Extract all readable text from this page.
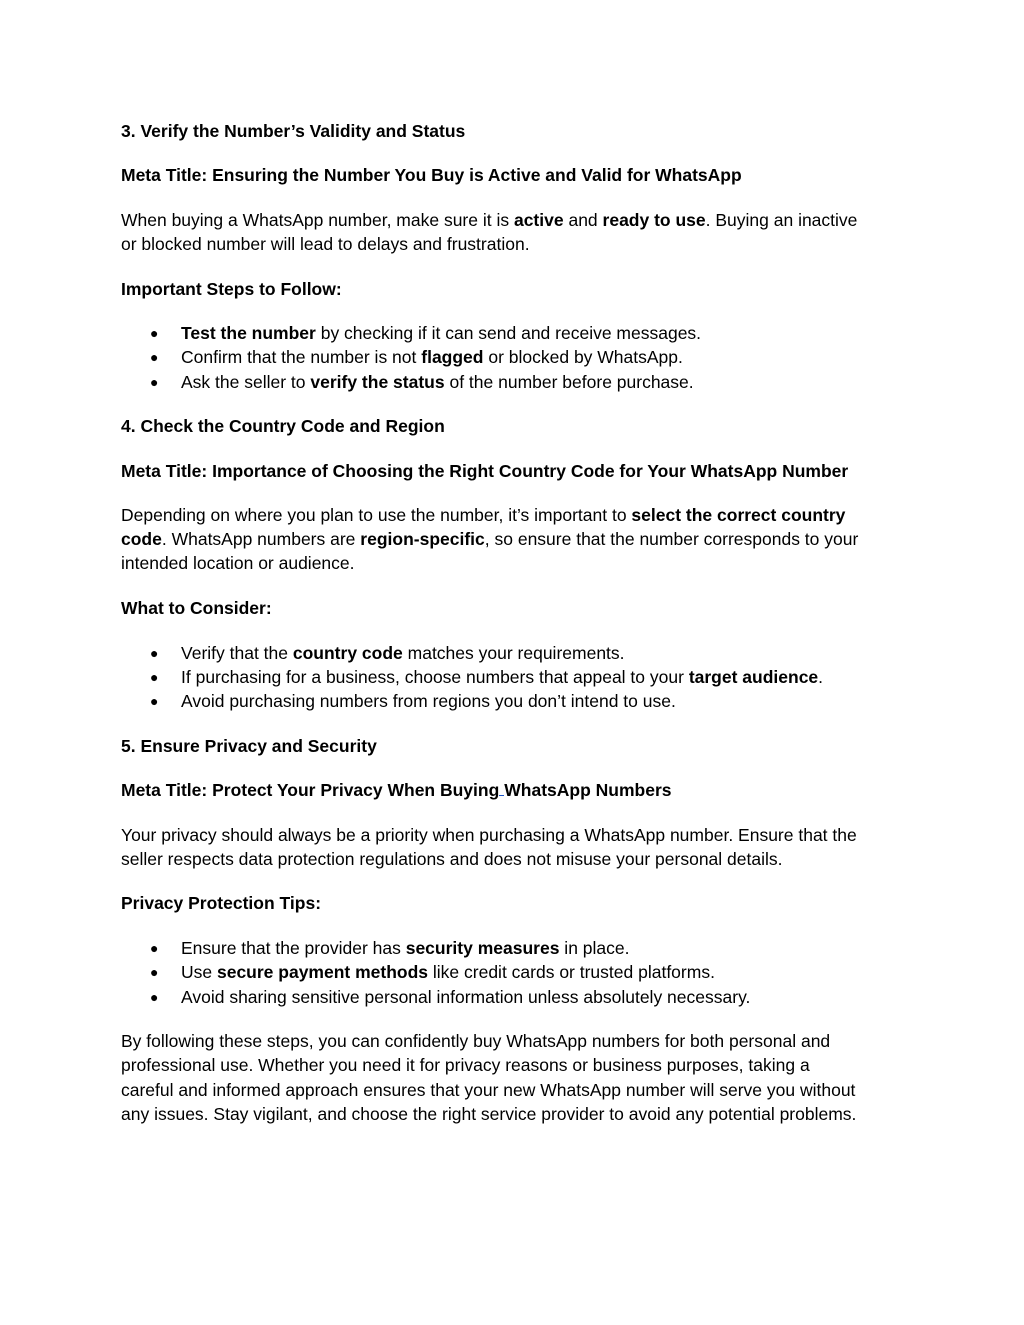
3. Verify the Number’s Validity and Status
Meta Title: Ensuring the Number You Buy is Active and Valid for WhatsApp
When buying a WhatsApp number, make sure it is active and ready to use. Buying an inactive
or blocked number will lead to delays and frustration.
Important Steps to Follow:
● Test the number by checking if it can send and receive messages.
● Confirm that the number is not flagged or blocked by WhatsApp.
● Ask the seller to verify the status of the number before purchase.
4. Check the Country Code and Region
Meta Title: Importance of Choosing the Right Country Code for Your WhatsApp Number
Depending on where you plan to use the number, it’s important to select the correct country
code. WhatsApp numbers are region-specific, so ensure that the number corresponds to your
intended location or audience.
What to Consider:
● Verify that the country code matches your requirements.
● If purchasing for a business, choose numbers that appeal to your target audience.
● Avoid purchasing numbers from regions you don’t intend to use.
5. Ensure Privacy and Security
Meta Title: Protect Your Privacy When Buying WhatsApp Numbers
Your privacy should always be a priority when purchasing a WhatsApp number. Ensure that the
seller respects data protection regulations and does not misuse your personal details.
Privacy Protection Tips:
● Ensure that the provider has security measures in place.
● Use secure payment methods like credit cards or trusted platforms.
● Avoid sharing sensitive personal information unless absolutely necessary.
By following these steps, you can confidently buy WhatsApp numbers for both personal and
professional use. Whether you need it for privacy reasons or business purposes, taking a
careful and informed approach ensures that your new WhatsApp number will serve you without
any issues. Stay vigilant, and choose the right service provider to avoid any potential problems.
